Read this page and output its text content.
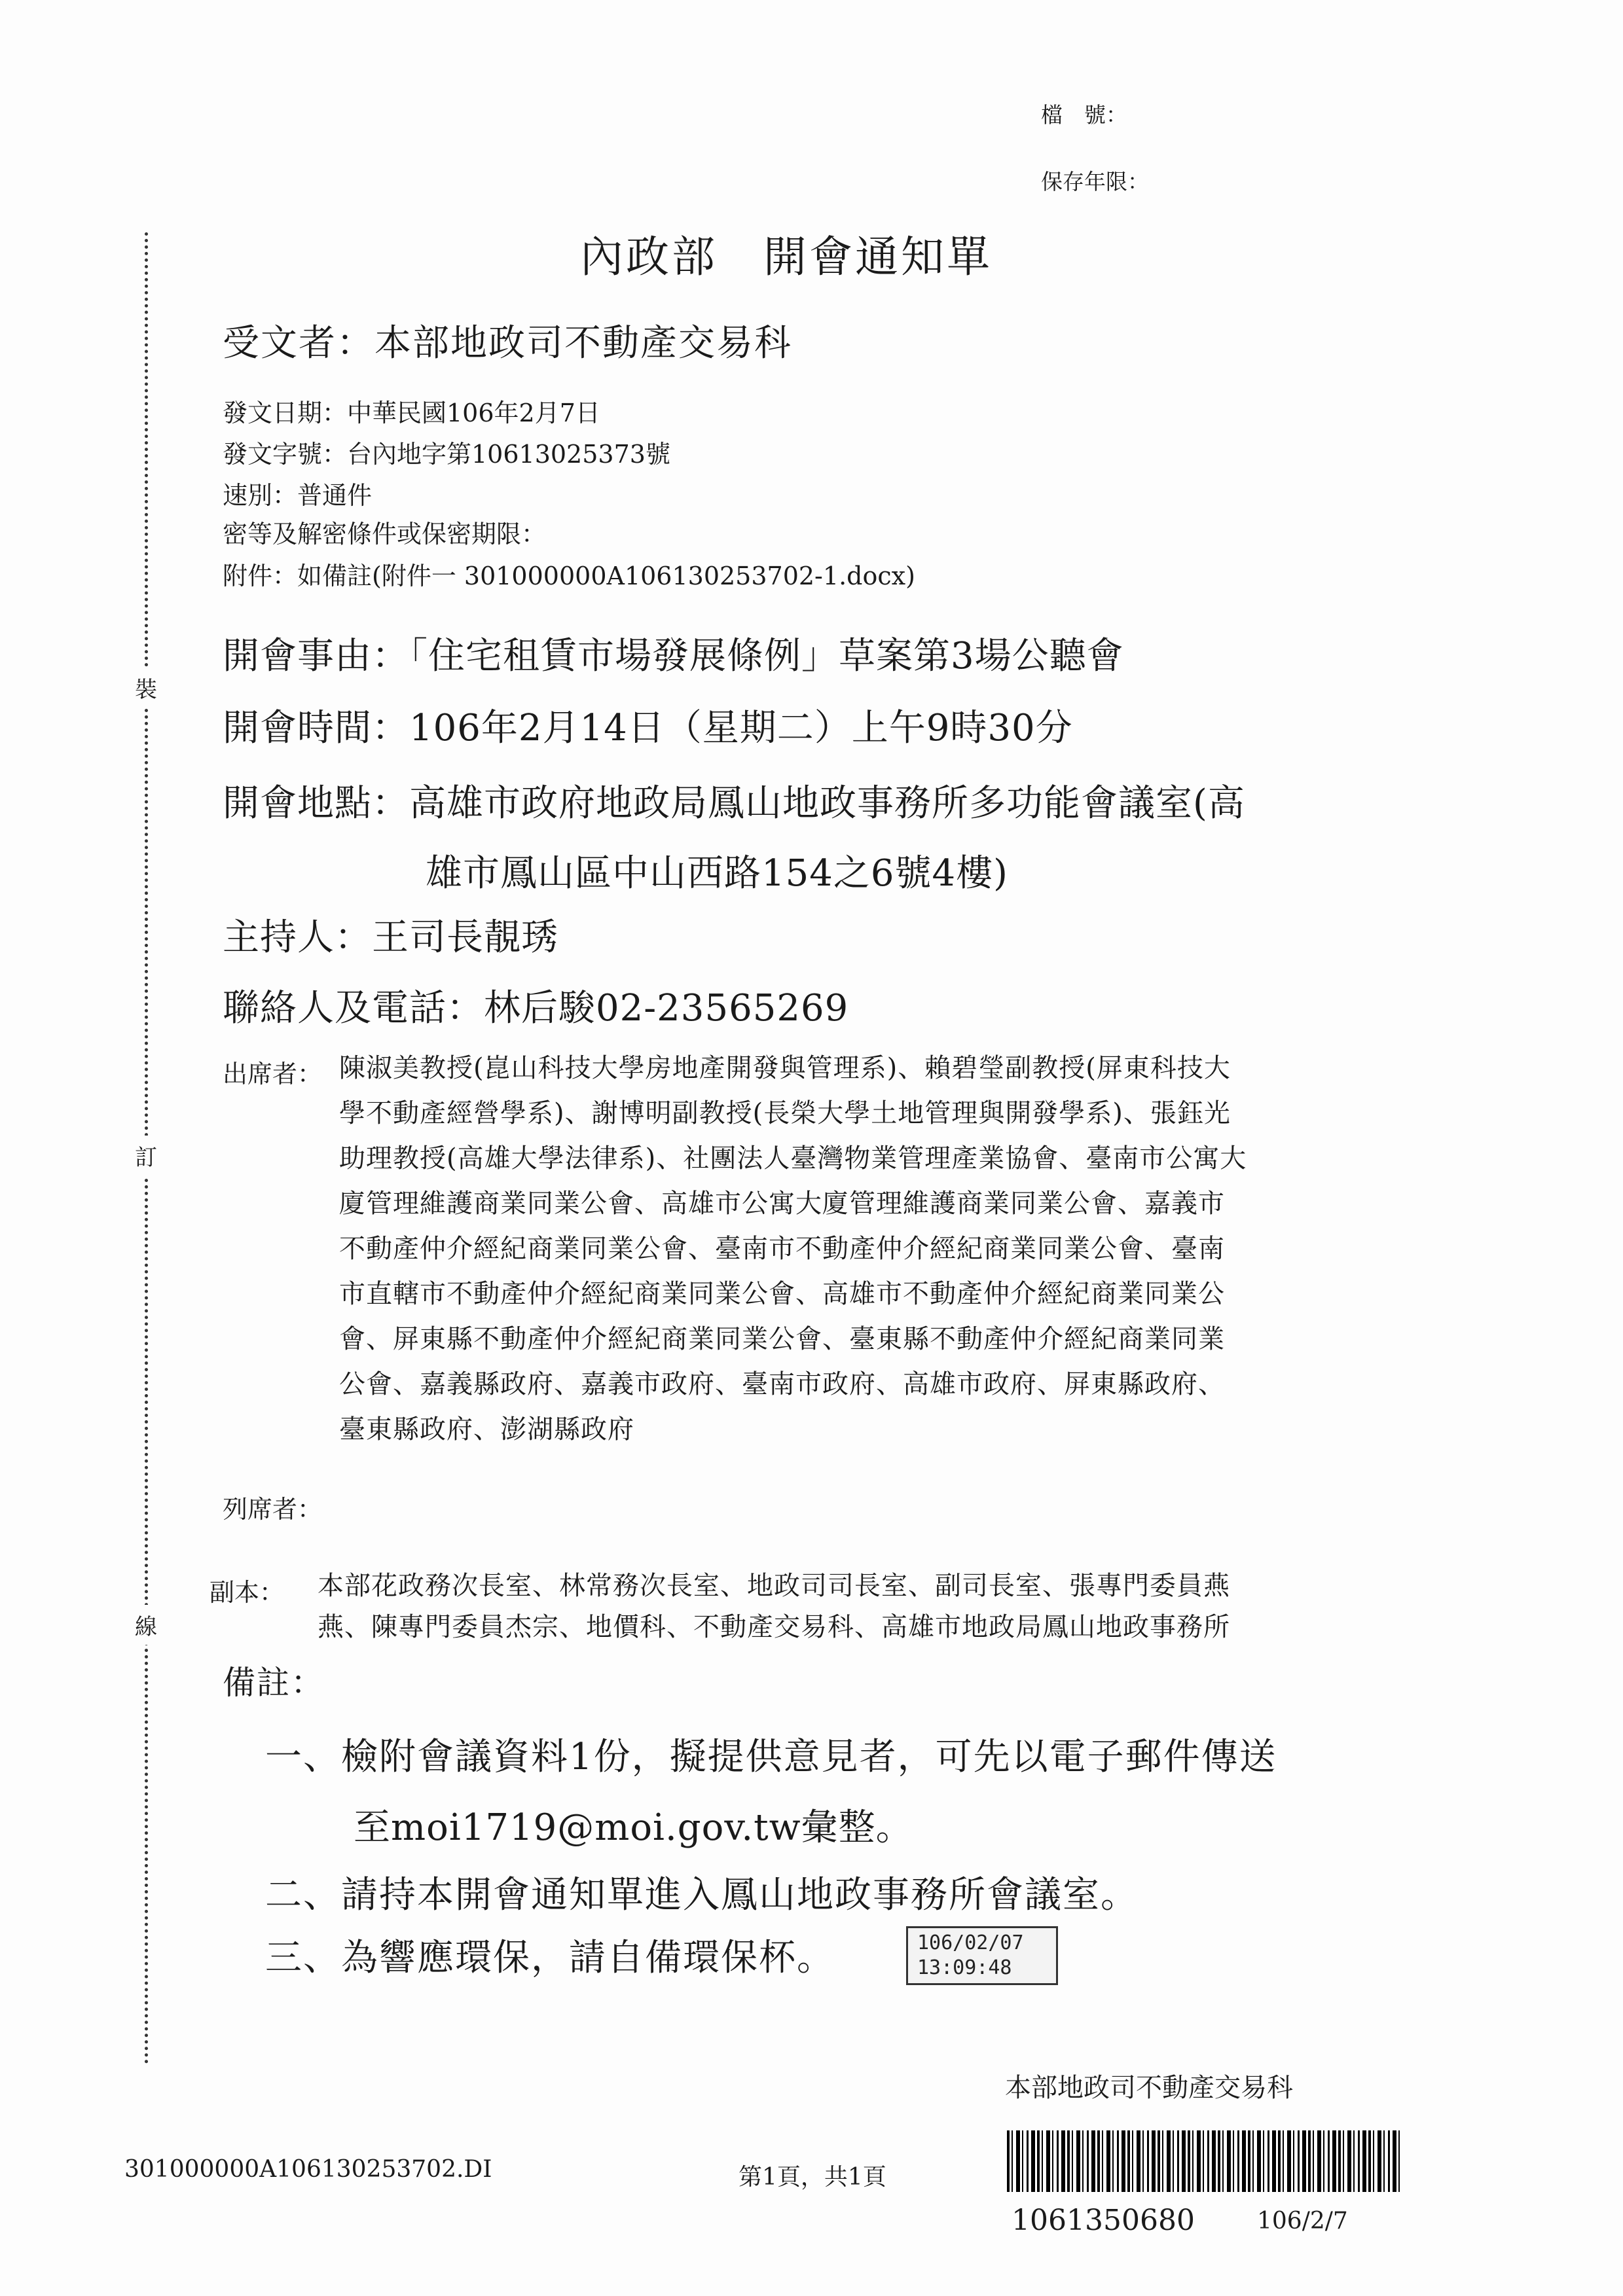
檔　號：
保存年限：
裝
訂
線
內政部　開會通知單
受文者：本部地政司不動產交易科
發文日期：中華民國106年2月7日
發文字號：台內地字第10613025373號
速別：普通件
密等及解密條件或保密期限：
附件：如備註(附件一 301000000A106130253702-1.docx)
開會事由：「住宅租賃市場發展條例」草案第3場公聽會
開會時間：106年2月14日（星期二）上午9時30分
開會地點：高雄市政府地政局鳳山地政事務所多功能會議室(高
雄市鳳山區中山西路154之6號4樓)
主持人：王司長靚琇
聯絡人及電話：林后駿02-23565269
出席者： 陳淑美教授(崑山科技大學房地產開發與管理系)、賴碧瑩副教授(屏東科技大
學不動產經營學系)、謝博明副教授(長榮大學土地管理與開發學系)、張鈺光
助理教授(高雄大學法律系)、社團法人臺灣物業管理產業協會、臺南市公寓大
廈管理維護商業同業公會、高雄市公寓大廈管理維護商業同業公會、嘉義市
不動產仲介經紀商業同業公會、臺南市不動產仲介經紀商業同業公會、臺南
市直轄市不動產仲介經紀商業同業公會、高雄市不動產仲介經紀商業同業公
會、屏東縣不動產仲介經紀商業同業公會、臺東縣不動產仲介經紀商業同業
公會、嘉義縣政府、嘉義市政府、臺南市政府、高雄市政府、屏東縣政府、
臺東縣政府、澎湖縣政府
列席者：
副本： 本部花政務次長室、林常務次長室、地政司司長室、副司長室、張專門委員燕
燕、陳專門委員杰宗、地價科、不動產交易科、高雄市地政局鳳山地政事務所
備註：
一、檢附會議資料1份，擬提供意見者，可先以電子郵件傳送
至moi1719@moi.gov.tw彙整。
二、請持本開會通知單進入鳳山地政事務所會議室。
三、為響應環保，請自備環保杯。	106/02/07
13:09:48
本部地政司不動產交易科
1061350680	106/2/7
301000000A106130253702.DI	第1頁，共1頁
